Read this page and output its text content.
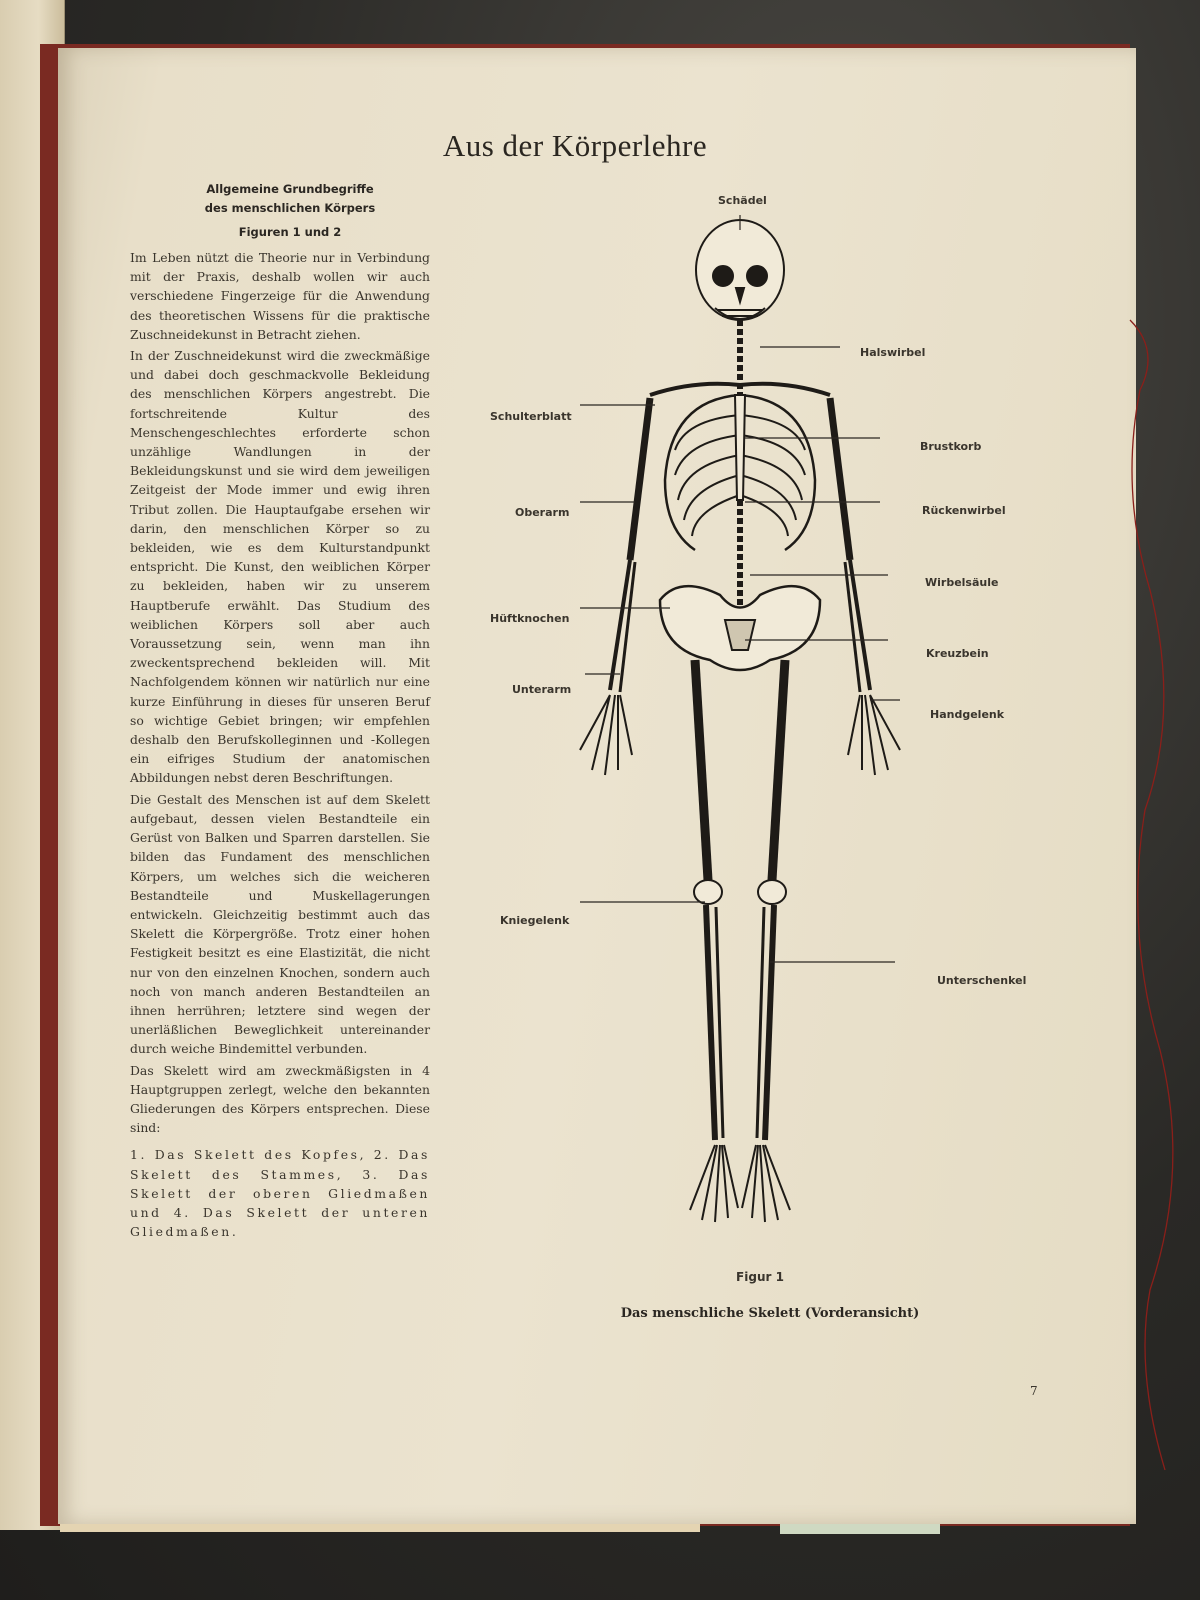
Aus der Körperlehre
Allgemeine Grundbegriffe
des menschlichen Körpers
Figuren 1 und 2

Im Leben nützt die Theorie nur in Verbindung mit der Praxis, deshalb wollen wir auch verschiedene Fingerzeige für die Anwendung des theoretischen Wissens für die praktische Zuschneidekunst in Betracht ziehen.

In der Zuschneidekunst wird die zweckmäßige und dabei doch geschmackvolle Bekleidung des menschlichen Körpers angestrebt. Die fortschreitende Kultur des Menschengeschlechtes erforderte schon unzählige Wandlungen in der Bekleidungskunst und sie wird dem jeweiligen Zeitgeist der Mode immer und ewig ihren Tribut zollen. Die Hauptaufgabe ersehen wir darin, den menschlichen Körper so zu bekleiden, wie es dem Kulturstandpunkt entspricht. Die Kunst, den weiblichen Körper zu bekleiden, haben wir zu unserem Hauptberufe erwählt. Das Studium des weiblichen Körpers soll aber auch Voraussetzung sein, wenn man ihn zweckentsprechend bekleiden will. Mit Nachfolgendem können wir natürlich nur eine kurze Einführung in dieses für unseren Beruf so wichtige Gebiet bringen; wir empfehlen deshalb den Berufskolleginnen und -Kollegen ein eifriges Studium der anatomischen Abbildungen nebst deren Beschriftungen.

Die Gestalt des Menschen ist auf dem Skelett aufgebaut, dessen vielen Bestandteile ein Gerüst von Balken und Sparren darstellen. Sie bilden das Fundament des menschlichen Körpers, um welches sich die weicheren Bestandteile und Muskellagerungen entwickeln. Gleichzeitig bestimmt auch das Skelett die Körpergröße. Trotz einer hohen Festigkeit besitzt es eine Elastizität, die nicht nur von den einzelnen Knochen, sondern auch noch von manch anderen Bestandteilen an ihnen herrühren; letztere sind wegen der unerläßlichen Beweglichkeit untereinander durch weiche Bindemittel verbunden.

Das Skelett wird am zweckmäßigsten in 4 Hauptgruppen zerlegt, welche den bekannten Gliederungen des Körpers entsprechen. Diese sind:

1. Das Skelett des Kopfes, 2. Das Skelett des Stammes, 3. Das Skelett der oberen Gliedmaßen und 4. Das Skelett der unteren Gliedmaßen.

Schädel
Halswirbel
Schulterblatt
Brustkorb
Oberarm	Rückenwirbel
Wirbelsäule
Hüftknochen
Kreuzbein
Unterarm
Handgelenk
Kniegelenk
Unterschenkel
Figur 1
Das menschliche Skelett (Vorderansicht)
7
